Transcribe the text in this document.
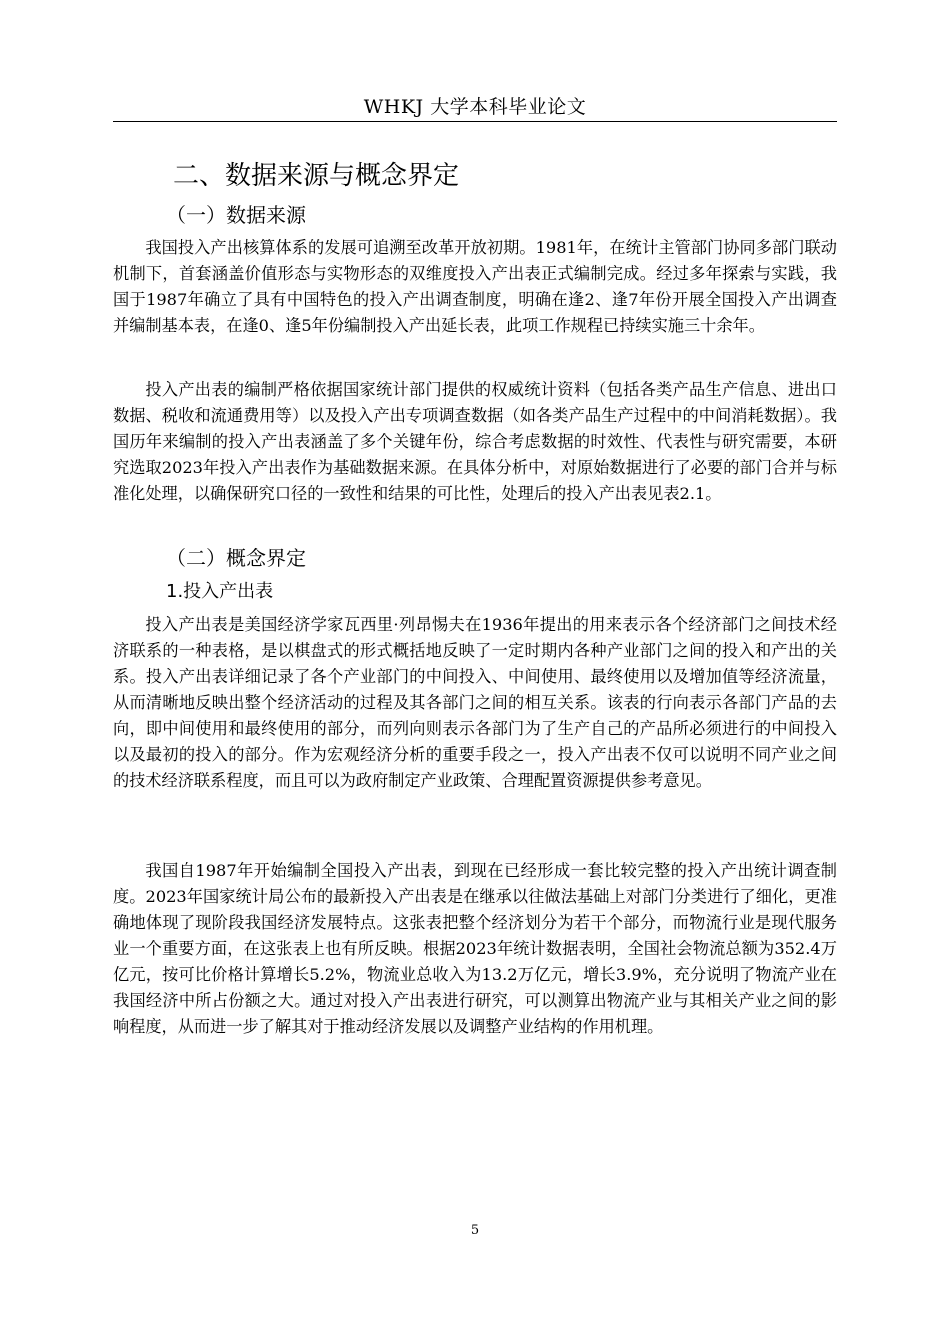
WHKJ 大学本科毕业论文
二、数据来源与概念界定
（一）数据来源

我国投入产出核算体系的发展可追溯至改革开放初期。1981年，在统计主管部门协同多部门联动机制下，首套涵盖价值形态与实物形态的双维度投入产出表正式编制完成。经过多年探索与实践，我国于1987年确立了具有中国特色的投入产出调查制度，明确在逢2、逢7年份开展全国投入产出调查并编制基本表，在逢0、逢5年份编制投入产出延长表，此项工作规程已持续实施三十余年。

投入产出表的编制严格依据国家统计部门提供的权威统计资料（包括各类产品生产信息、进出口数据、税收和流通费用等）以及投入产出专项调查数据（如各类产品生产过程中的中间消耗数据）。我国历年来编制的投入产出表涵盖了多个关键年份，综合考虑数据的时效性、代表性与研究需要，本研究选取2023年投入产出表作为基础数据来源。在具体分析中，对原始数据进行了必要的部门合并与标准化处理，以确保研究口径的一致性和结果的可比性，处理后的投入产出表见表2.1。

（二）概念界定
1.投入产出表

投入产出表是美国经济学家瓦西里·列昂惕夫在1936年提出的用来表示各个经济部门之间技术经济联系的一种表格，是以棋盘式的形式概括地反映了一定时期内各种产业部门之间的投入和产出的关系。投入产出表详细记录了各个产业部门的中间投入、中间使用、最终使用以及增加值等经济流量，从而清晰地反映出整个经济活动的过程及其各部门之间的相互关系。该表的行向表示各部门产品的去向，即中间使用和最终使用的部分，而列向则表示各部门为了生产自己的产品所必须进行的中间投入以及最初的投入的部分。作为宏观经济分析的重要手段之一，投入产出表不仅可以说明不同产业之间的技术经济联系程度，而且可以为政府制定产业政策、合理配置资源提供参考意见。

我国自1987年开始编制全国投入产出表，到现在已经形成一套比较完整的投入产出统计调查制度。2023年国家统计局公布的最新投入产出表是在继承以往做法基础上对部门分类进行了细化，更准确地体现了现阶段我国经济发展特点。这张表把整个经济划分为若干个部分，而物流行业是现代服务业一个重要方面，在这张表上也有所反映。根据2023年统计数据表明，全国社会物流总额为352.4万亿元，按可比价格计算增长5.2%，物流业总收入为13.2万亿元，增长3.9%，充分说明了物流产业在我国经济中所占份额之大。通过对投入产出表进行研究，可以测算出物流产业与其相关产业之间的影响程度，从而进一步了解其对于推动经济发展以及调整产业结构的作用机理。

5
